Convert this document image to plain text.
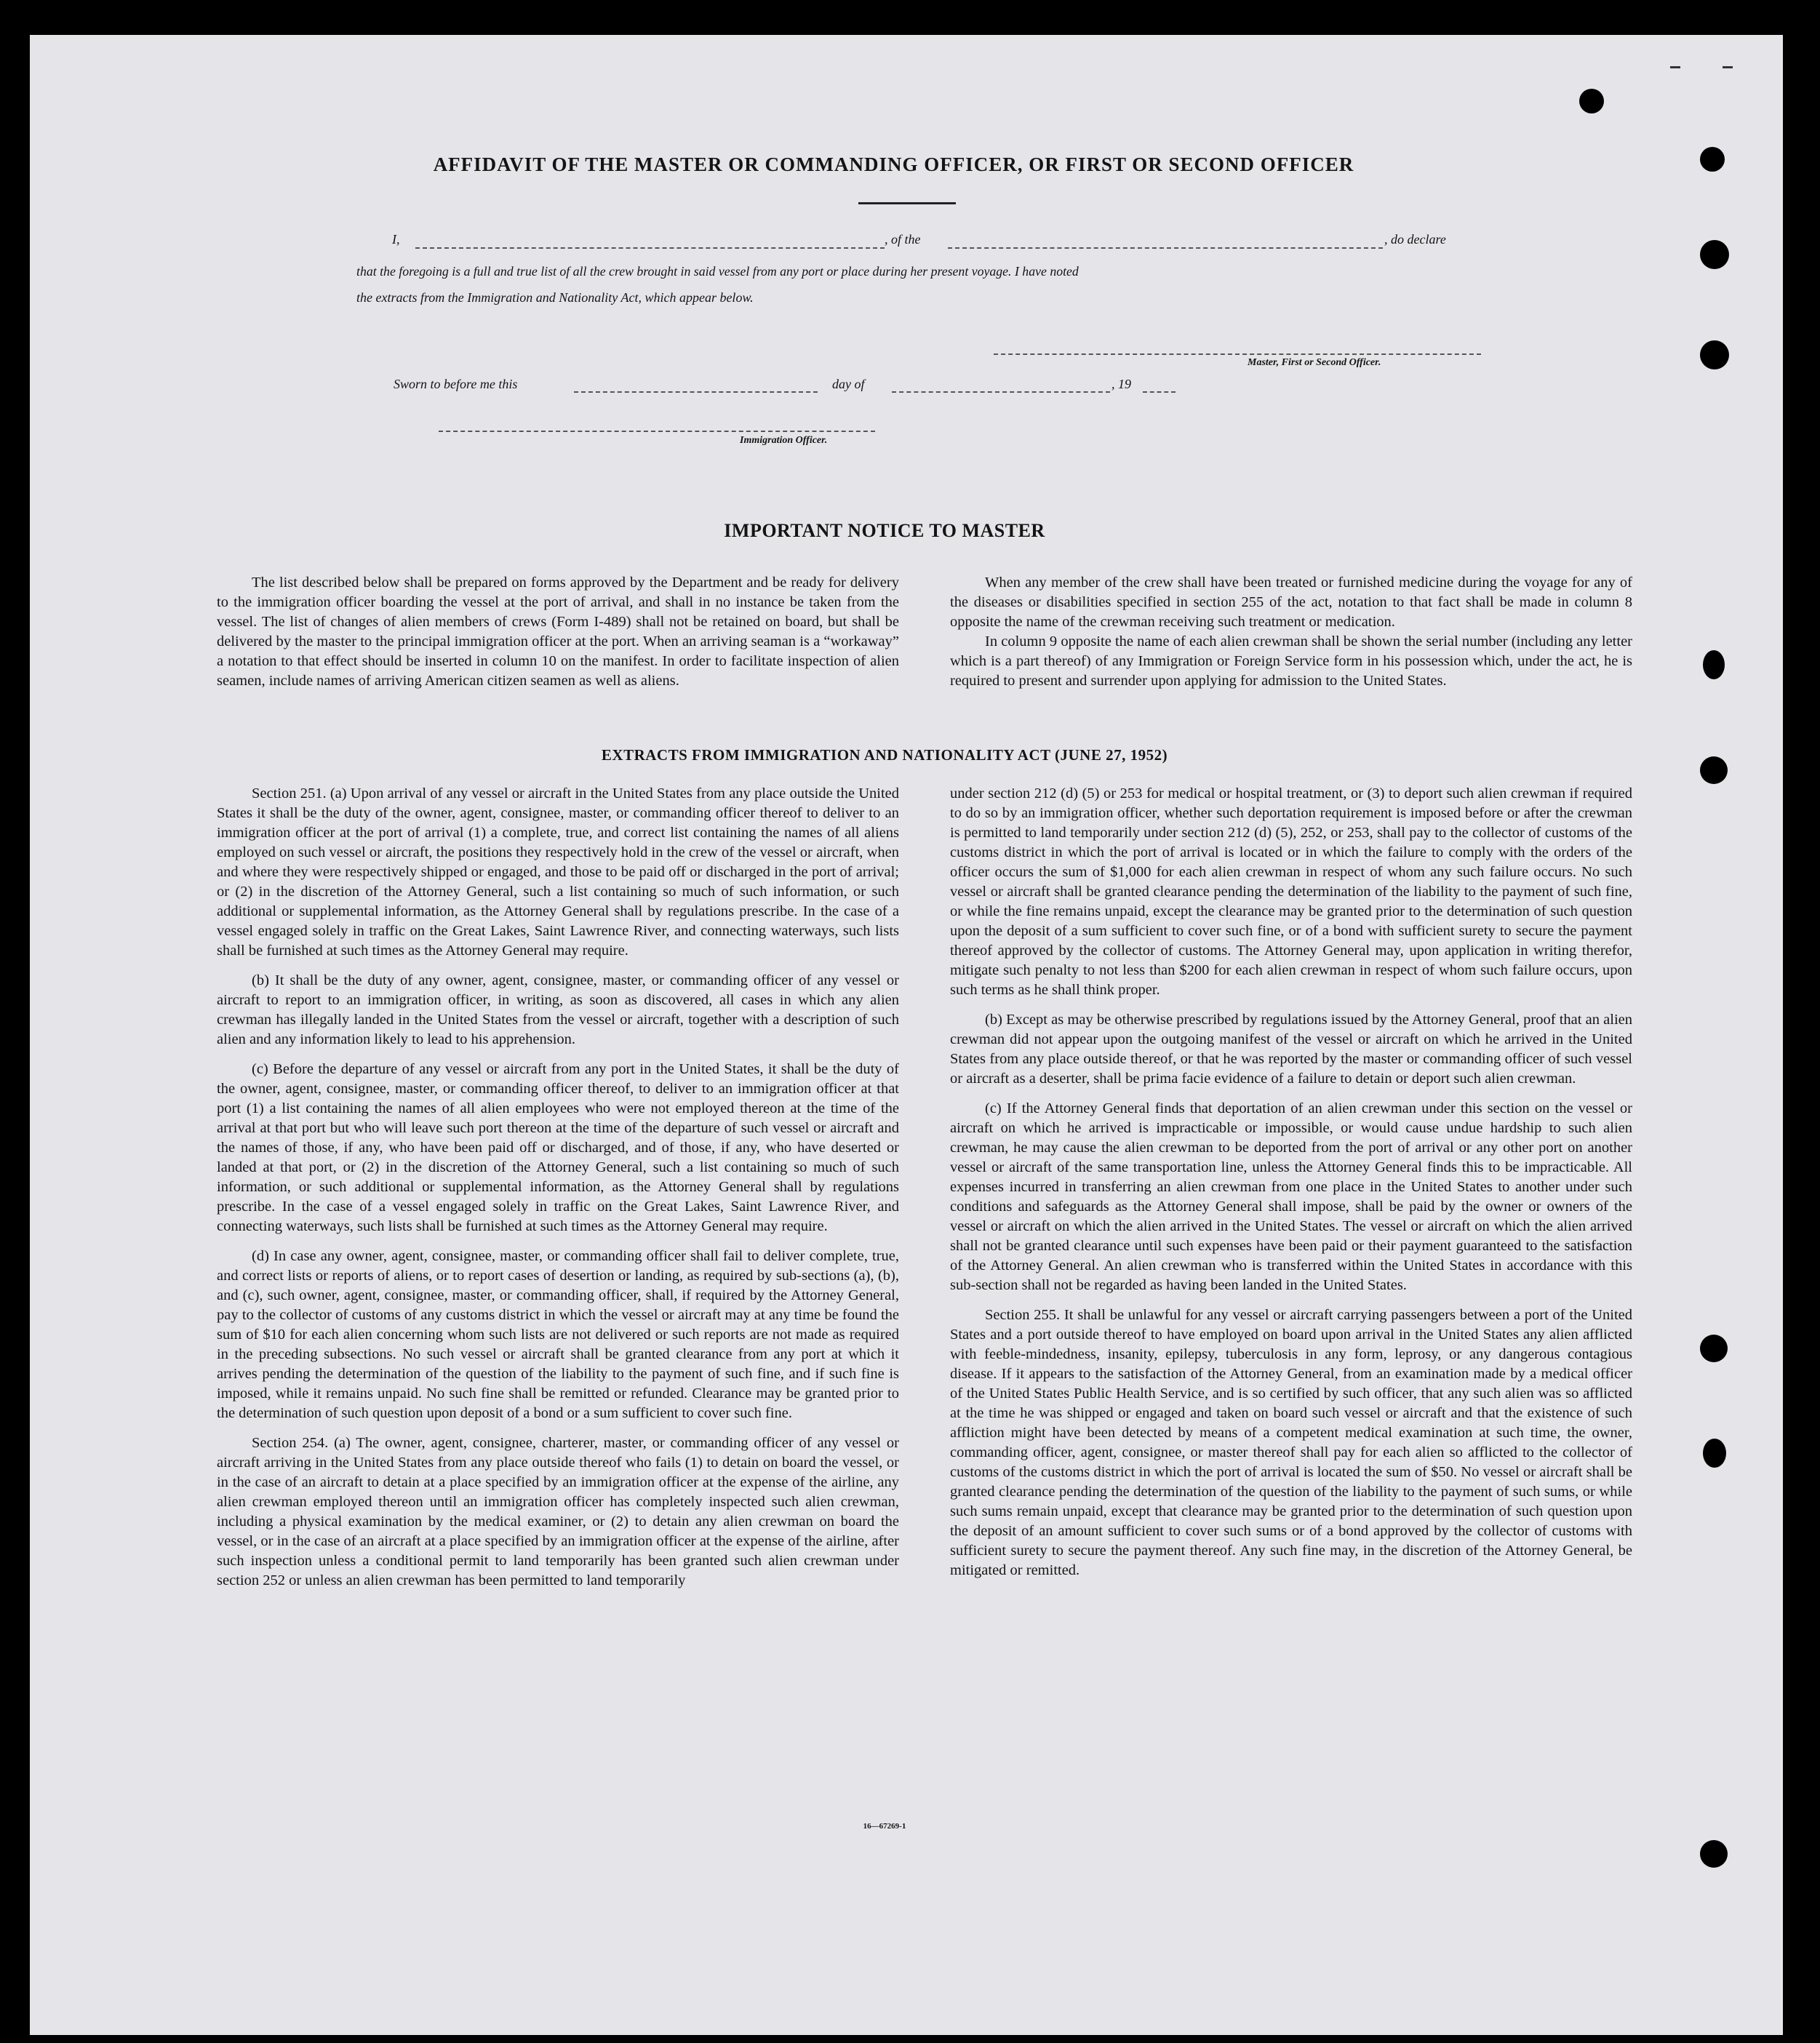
AFFIDAVIT OF THE MASTER OR COMMANDING OFFICER, OR FIRST OR SECOND OFFICER
I,	, of the	, do declare
that the foregoing is a full and true list of all the crew brought in said vessel from any port or place during her present voyage. I have noted
the extracts from the Immigration and Nationality Act, which appear below.
Master, First or Second Officer.
Sworn to before me this	day of	, 19
Immigration Officer.
IMPORTANT NOTICE TO MASTER

The list described below shall be prepared on forms approved by the Department and be ready for delivery to the immigration officer boarding the vessel at the port of arrival, and shall in no instance be taken from the vessel. The list of changes of alien members of crews (Form I-489) shall not be retained on board, but shall be delivered by the master to the principal immigration officer at the port. When an arriving seaman is a “workaway” a notation to that effect should be inserted in column 10 on the manifest. In order to facilitate inspection of alien seamen, include names of arriving American citizen seamen as well as aliens.

When any member of the crew shall have been treated or furnished medicine during the voyage for any of the diseases or disabilities specified in section 255 of the act, notation to that fact shall be made in column 8 opposite the name of the crewman receiving such treatment or medication.

In column 9 opposite the name of each alien crewman shall be shown the serial number (including any letter which is a part thereof) of any Immigration or Foreign Service form in his possession which, under the act, he is required to present and surrender upon applying for admission to the United States.

EXTRACTS FROM IMMIGRATION AND NATIONALITY ACT (JUNE 27, 1952)

Section 251. (a) Upon arrival of any vessel or aircraft in the United States from any place outside the United States it shall be the duty of the owner, agent, consignee, master, or commanding officer thereof to deliver to an immigration officer at the port of arrival (1) a complete, true, and correct list containing the names of all aliens employed on such vessel or aircraft, the positions they respectively hold in the crew of the vessel or aircraft, when and where they were respectively shipped or engaged, and those to be paid off or discharged in the port of arrival; or (2) in the discretion of the Attorney General, such a list containing so much of such information, or such additional or supplemental information, as the Attorney General shall by regulations prescribe. In the case of a vessel engaged solely in traffic on the Great Lakes, Saint Lawrence River, and connecting waterways, such lists shall be furnished at such times as the Attorney General may require.

(b) It shall be the duty of any owner, agent, consignee, master, or commanding officer of any vessel or aircraft to report to an immigration officer, in writing, as soon as discovered, all cases in which any alien crewman has illegally landed in the United States from the vessel or aircraft, together with a description of such alien and any information likely to lead to his apprehension.

(c) Before the departure of any vessel or aircraft from any port in the United States, it shall be the duty of the owner, agent, consignee, master, or commanding officer thereof, to deliver to an immigration officer at that port (1) a list containing the names of all alien employees who were not employed thereon at the time of the arrival at that port but who will leave such port thereon at the time of the departure of such vessel or aircraft and the names of those, if any, who have been paid off or discharged, and of those, if any, who have deserted or landed at that port, or (2) in the discretion of the Attorney General, such a list containing so much of such information, or such additional or supplemental information, as the Attorney General shall by regulations prescribe. In the case of a vessel engaged solely in traffic on the Great Lakes, Saint Lawrence River, and connecting waterways, such lists shall be furnished at such times as the Attorney General may require.

(d) In case any owner, agent, consignee, master, or commanding officer shall fail to deliver complete, true, and correct lists or reports of aliens, or to report cases of desertion or landing, as required by sub-sections (a), (b), and (c), such owner, agent, consignee, master, or commanding officer, shall, if required by the Attorney General, pay to the collector of customs of any customs district in which the vessel or aircraft may at any time be found the sum of $10 for each alien concerning whom such lists are not delivered or such reports are not made as required in the preceding subsections. No such vessel or aircraft shall be granted clearance from any port at which it arrives pending the determination of the question of the liability to the payment of such fine, and if such fine is imposed, while it remains unpaid. No such fine shall be remitted or refunded. Clearance may be granted prior to the determination of such question upon deposit of a bond or a sum sufficient to cover such fine.

Section 254. (a) The owner, agent, consignee, charterer, master, or commanding officer of any vessel or aircraft arriving in the United States from any place outside thereof who fails (1) to detain on board the vessel, or in the case of an aircraft to detain at a place specified by an immigration officer at the expense of the airline, any alien crewman employed thereon until an immigration officer has completely inspected such alien crewman, including a physical examination by the medical examiner, or (2) to detain any alien crewman on board the vessel, or in the case of an aircraft at a place specified by an immigration officer at the expense of the airline, after such inspection unless a conditional permit to land temporarily has been granted such alien crewman under section 252 or unless an alien crewman has been permitted to land temporarily

under section 212 (d) (5) or 253 for medical or hospital treatment, or (3) to deport such alien crewman if required to do so by an immigration officer, whether such deportation requirement is imposed before or after the crewman is permitted to land temporarily under section 212 (d) (5), 252, or 253, shall pay to the collector of customs of the customs district in which the port of arrival is located or in which the failure to comply with the orders of the officer occurs the sum of $1,000 for each alien crewman in respect of whom any such failure occurs. No such vessel or aircraft shall be granted clearance pending the determination of the liability to the payment of such fine, or while the fine remains unpaid, except the clearance may be granted prior to the determination of such question upon the deposit of a sum sufficient to cover such fine, or of a bond with sufficient surety to secure the payment thereof approved by the collector of customs. The Attorney General may, upon application in writing therefor, mitigate such penalty to not less than $200 for each alien crewman in respect of whom such failure occurs, upon such terms as he shall think proper.

(b) Except as may be otherwise prescribed by regulations issued by the Attorney General, proof that an alien crewman did not appear upon the outgoing manifest of the vessel or aircraft on which he arrived in the United States from any place outside thereof, or that he was reported by the master or commanding officer of such vessel or aircraft as a deserter, shall be prima facie evidence of a failure to detain or deport such alien crewman.

(c) If the Attorney General finds that deportation of an alien crewman under this section on the vessel or aircraft on which he arrived is impracticable or impossible, or would cause undue hardship to such alien crewman, he may cause the alien crewman to be deported from the port of arrival or any other port on another vessel or aircraft of the same transportation line, unless the Attorney General finds this to be impracticable. All expenses incurred in transferring an alien crewman from one place in the United States to another under such conditions and safeguards as the Attorney General shall impose, shall be paid by the owner or owners of the vessel or aircraft on which the alien arrived in the United States. The vessel or aircraft on which the alien arrived shall not be granted clearance until such expenses have been paid or their payment guaranteed to the satisfaction of the Attorney General. An alien crewman who is transferred within the United States in accordance with this sub-section shall not be regarded as having been landed in the United States.

Section 255. It shall be unlawful for any vessel or aircraft carrying passengers between a port of the United States and a port outside thereof to have employed on board upon arrival in the United States any alien afflicted with feeble-mindedness, insanity, epilepsy, tuberculosis in any form, leprosy, or any dangerous contagious disease. If it appears to the satisfaction of the Attorney General, from an examination made by a medical officer of the United States Public Health Service, and is so certified by such officer, that any such alien was so afflicted at the time he was shipped or engaged and taken on board such vessel or aircraft and that the existence of such affliction might have been detected by means of a competent medical examination at such time, the owner, commanding officer, agent, consignee, or master thereof shall pay for each alien so afflicted to the collector of customs of the customs district in which the port of arrival is located the sum of $50. No vessel or aircraft shall be granted clearance pending the determination of the question of the liability to the payment of such sums, or while such sums remain unpaid, except that clearance may be granted prior to the determination of such question upon the deposit of an amount sufficient to cover such sums or of a bond approved by the collector of customs with sufficient surety to secure the payment thereof. Any such fine may, in the discretion of the Attorney General, be mitigated or remitted.

16—67269-1
